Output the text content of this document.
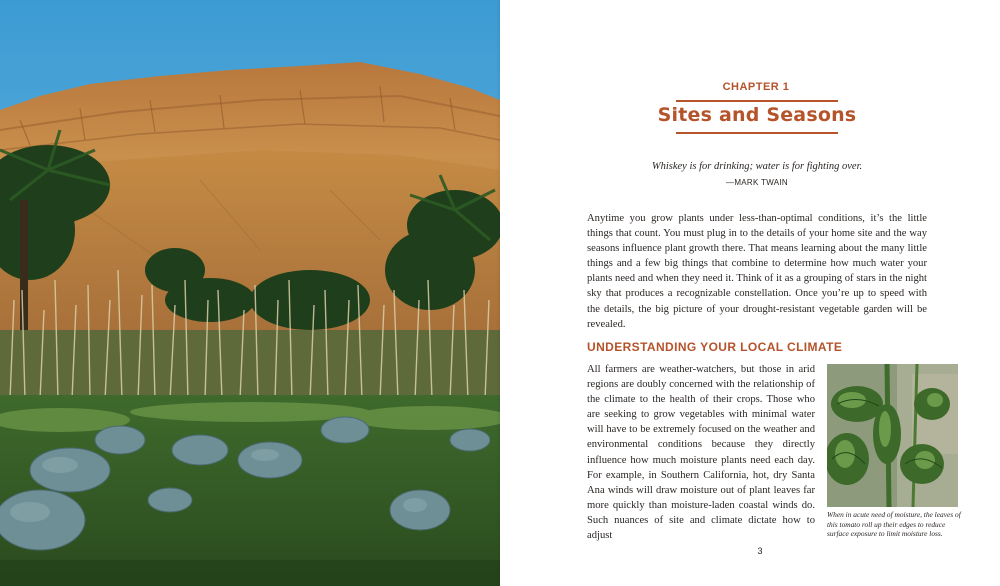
CHAPTER 1
Sites and Seasons
Whiskey is for drinking; water is for fighting over.
—MARK TWAIN

Anytime you grow plants under less-than-optimal conditions, it’s the little things that count. You must plug in to the details of your home site and the way seasons influence plant growth there. That means learning about the many little things and a few big things that combine to determine how much water your plants need and when they need it. Think of it as a grouping of stars in the night sky that produces a recognizable constellation. Once you’re up to speed with the details, the big picture of your drought-resistant vegetable garden will be revealed.

UNDERSTANDING YOUR LOCAL CLIMATE

All farmers are weather-watchers, but those in arid regions are doubly concerned with the relationship of the climate to the health of their crops. Those who are seeking to grow vegetables with minimal water will have to be extremely focused on the weather and environmental conditions because they directly influence how much moisture plants need each day. For example, in Southern California, hot, dry Santa Ana winds will draw moisture out of plant leaves far more quickly than moisture-laden coastal winds do. Such nuances of site and climate dictate how to adjust

When in acute need of moisture, the leaves of this tomato roll up their edges to reduce surface exposure to limit moisture loss.

3
